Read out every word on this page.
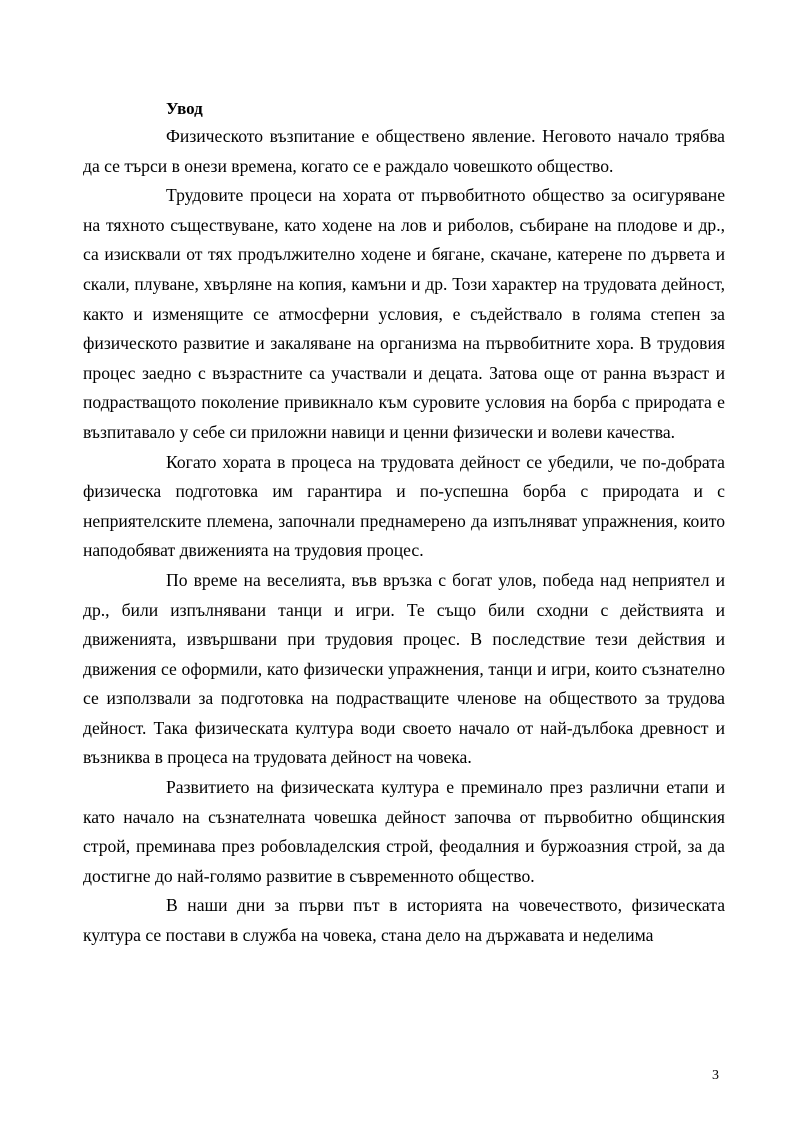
Увод

Физическото възпитание е обществено явление. Неговото начало трябва да се търси в онези времена, когато се е раждало човешкото общество.

Трудовите процеси на хората от първобитното общество за осигуряване на тяхното съществуване, като ходене на лов и риболов, събиране на плодове и др., са изисквали от тях продължително ходене и бягане, скачане, катерене по дървета и скали, плуване, хвърляне на копия, камъни и др. Този характер на трудовата дейност, както и изменящите се атмосферни условия, е съдействало в голяма степен за физическото развитие и закаляване на организма на първобитните хора. В трудовия процес заедно с възрастните са участвали и децата. Затова още от ранна възраст и подрастващото поколение привикнало към суровите условия на борба с природата е възпитавало у себе си приложни навици и ценни физически и волеви качества.

Когато хората в процеса на трудовата дейност се убедили, че по-добрата физическа подготовка им гарантира и по-успешна борба с природата и с неприятелските племена, започнали преднамерено да изпълняват упражнения, които наподобяват движенията на трудовия процес.

По време на веселията, във връзка с богат улов, победа над неприятел и др., били изпълнявани танци и игри. Те също били сходни с действията и движенията, извършвани при трудовия процес. В последствие тези действия и движения се оформили, като физически упражнения, танци и игри, които съзнателно се използвали за подготовка на подрастващите членове на обществото за трудова дейност. Така физическата култура води своето начало от най-дълбока древност и възниква в процеса на трудовата дейност на човека.

Развитието на физическата култура е преминало през различни етапи и като начало на съзнателната човешка дейност започва от първобитно общинския строй, преминава през робовладелския строй, феодалния и буржоазния строй, за да достигне до най-голямо развитие в съвременното общество.

В наши дни за първи път в историята на човечеството, физическата култура се постави в служба на човека, стана дело на държавата и неделима

3
